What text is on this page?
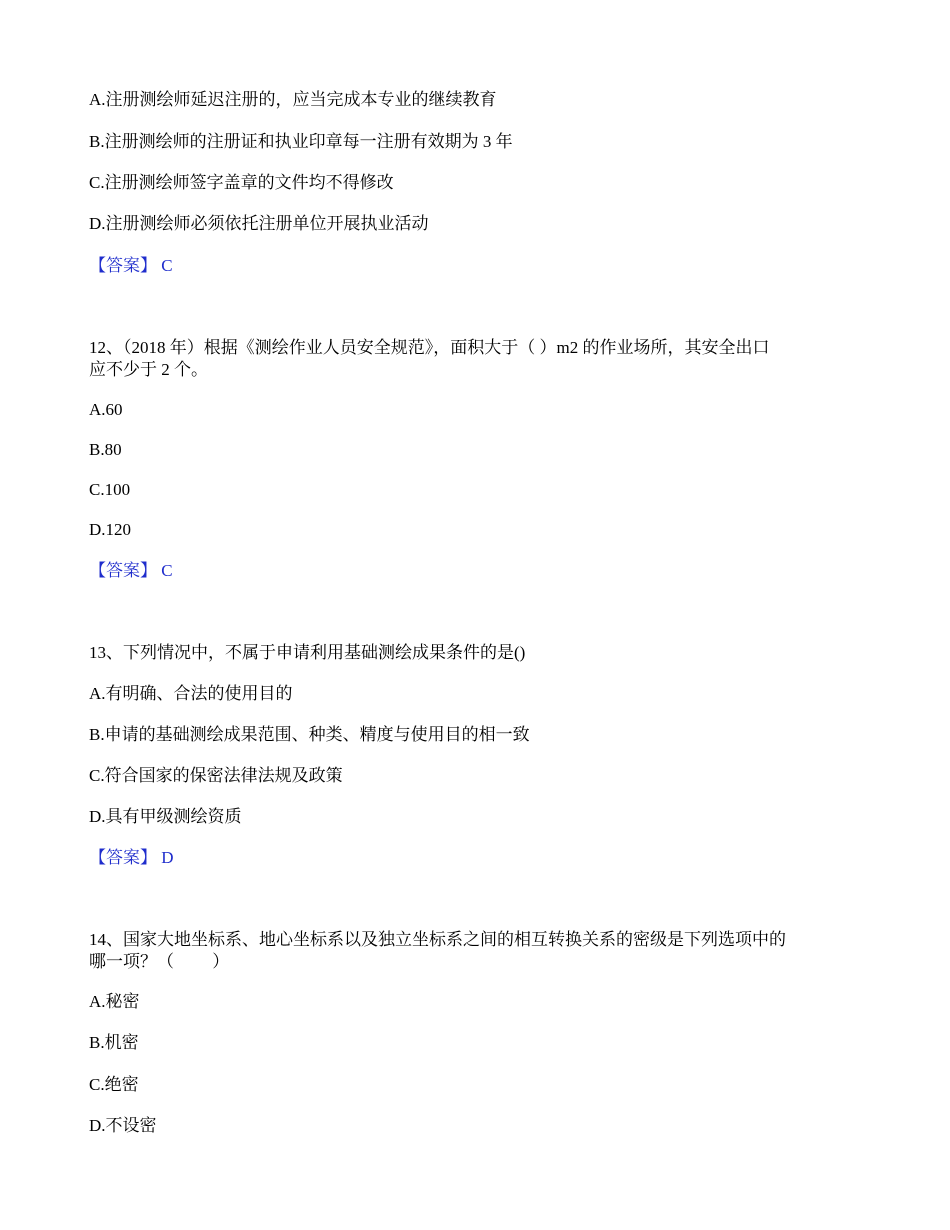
A.注册测绘师延迟注册的，应当完成本专业的继续教育
B.注册测绘师的注册证和执业印章每一注册有效期为 3 年
C.注册测绘师签字盖章的文件均不得修改
D.注册测绘师必须依托注册单位开展执业活动
【答案】 C
12、（2018 年）根据《测绘作业人员安全规范》，面积大于（ ）m2 的作业场所，其安全出口
应不少于 2 个。
A.60
B.80
C.100
D.120
【答案】 C
13、下列情况中，不属于申请利用基础测绘成果条件的是()
A.有明确、合法的使用目的
B.申请的基础测绘成果范围、种类、精度与使用目的相一致
C.符合国家的保密法律法规及政策
D.具有甲级测绘资质
【答案】 D
14、国家大地坐标系、地心坐标系以及独立坐标系之间的相互转换关系的密级是下列选项中的
哪一项？（　　 ）
A.秘密
B.机密
C.绝密
D.不设密
